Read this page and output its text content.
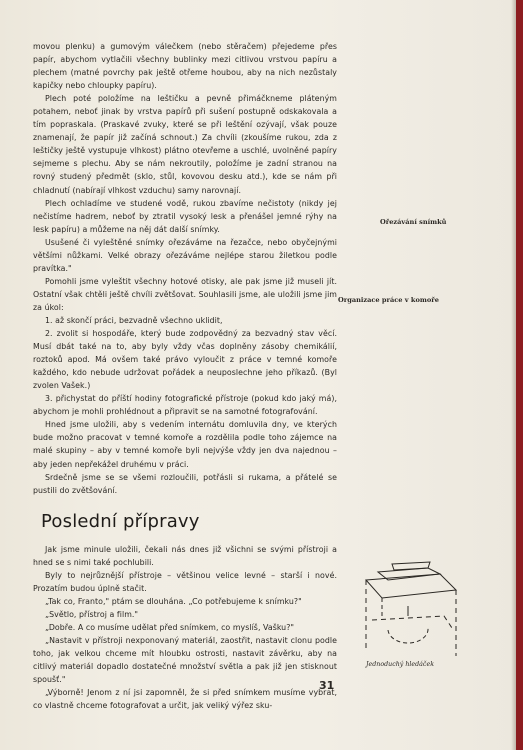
movou plenku) a gumovým válečkem (nebo stěračem) přejedeme přes papír, abychom vytlačili všechny bublinky mezi citlivou vrstvou papíru a plechem (matné povrchy pak ještě otřeme houbou, aby na nich nezůstaly kapičky nebo chloupky papíru).

Plech poté položíme na leštičku a pevně přimáčkneme pláteným potahem, neboť jinak by vrstva papírů při sušení postupně odskakovala a tím popraskala. (Praskavé zvuky, které se při leštění ozývají, však pouze znamenají, že papír již začíná schnout.) Za chvíli (zkoušíme rukou, zda z leštičky ještě vystupuje vlhkost) plátno otevřeme a uschlé, uvolněné papíry sejmeme s plechu. Aby se nám nekroutily, položíme je zadní stranou na rovný studený předmět (sklo, stůl, kovovou desku atd.), kde se nám při chladnutí (nabírají vlhkost vzduchu) samy narovnají.

Plech ochladíme ve studené vodě, rukou zbavíme nečistoty (nikdy jej nečistíme hadrem, neboť by ztratil vysoký lesk a přenášel jemné rýhy na lesk papíru) a můžeme na něj dát další snímky.

Usušené či vyleštěné snímky ořezáváme na řezačce, nebo obyčejnými většími nůžkami. Velké obrazy ořezáváme nejlépe starou žiletkou podle pravítka."

Pomohli jsme vyleštit všechny hotové otisky, ale pak jsme již museli jít. Ostatní však chtěli ještě chvíli zvětšovat. Souhlasili jsme, ale uložili jsme jim za úkol:

1. až skončí práci, bezvadně všechno uklidit,

2. zvolit si hospodáře, který bude zodpovědný za bezvadný stav věcí. Musí dbát také na to, aby byly vždy včas doplněny zásoby chemikálií, roztoků apod. Má ovšem také právo vyloučit z práce v temné komoře každého, kdo nebude udržovat pořádek a neuposlechne jeho příkazů. (Byl zvolen Vašek.)

3. přichystat do příští hodiny fotografické přístroje (pokud kdo jaký má), abychom je mohli prohlédnout a připravit se na samotné fotografování.

Hned jsme uložili, aby s vedením internátu domluvila dny, ve kterých bude možno pracovat v temné komoře a rozdělila podle toho zájemce na malé skupiny – aby v temné komoře byli nejvýše vždy jen dva najednou – aby jeden nepřekážel druhému v práci.

Srdečně jsme se se všemi rozloučili, potřásli si rukama, a přátelé se pustili do zvětšování.

Poslední přípravy

Jak jsme minule uložili, čekali nás dnes již všichni se svými přístroji a hned se s nimi také pochlubili.

Byly to nejrůznější přístroje – většinou velice levné – starší i nové. Prozatím budou úplně stačit.

„Tak co, Franto," ptám se dlouhána. „Co potřebujeme k snímku?"

„Světlo, přístroj a film."

„Dobře. A co musíme udělat před snímkem, co myslíš, Vašku?"

„Nastavit v přístroji nexponovaný materiál, zaostřit, nastavit clonu podle toho, jak velkou chceme mít hloubku ostrosti, nastavit závěrku, aby na citlivý materiál dopadlo dostatečné množství světla a pak již jen stisknout spoušť."

„Výborně! Jenom z ní jsi zapomněl, že si před snímkem musíme vybrat, co vlastně chceme fotografovat a určit, jak veliký výřez sku-

Ořezávání snímků
Organizace práce v komoře
Jednoduchý hledáček
31
